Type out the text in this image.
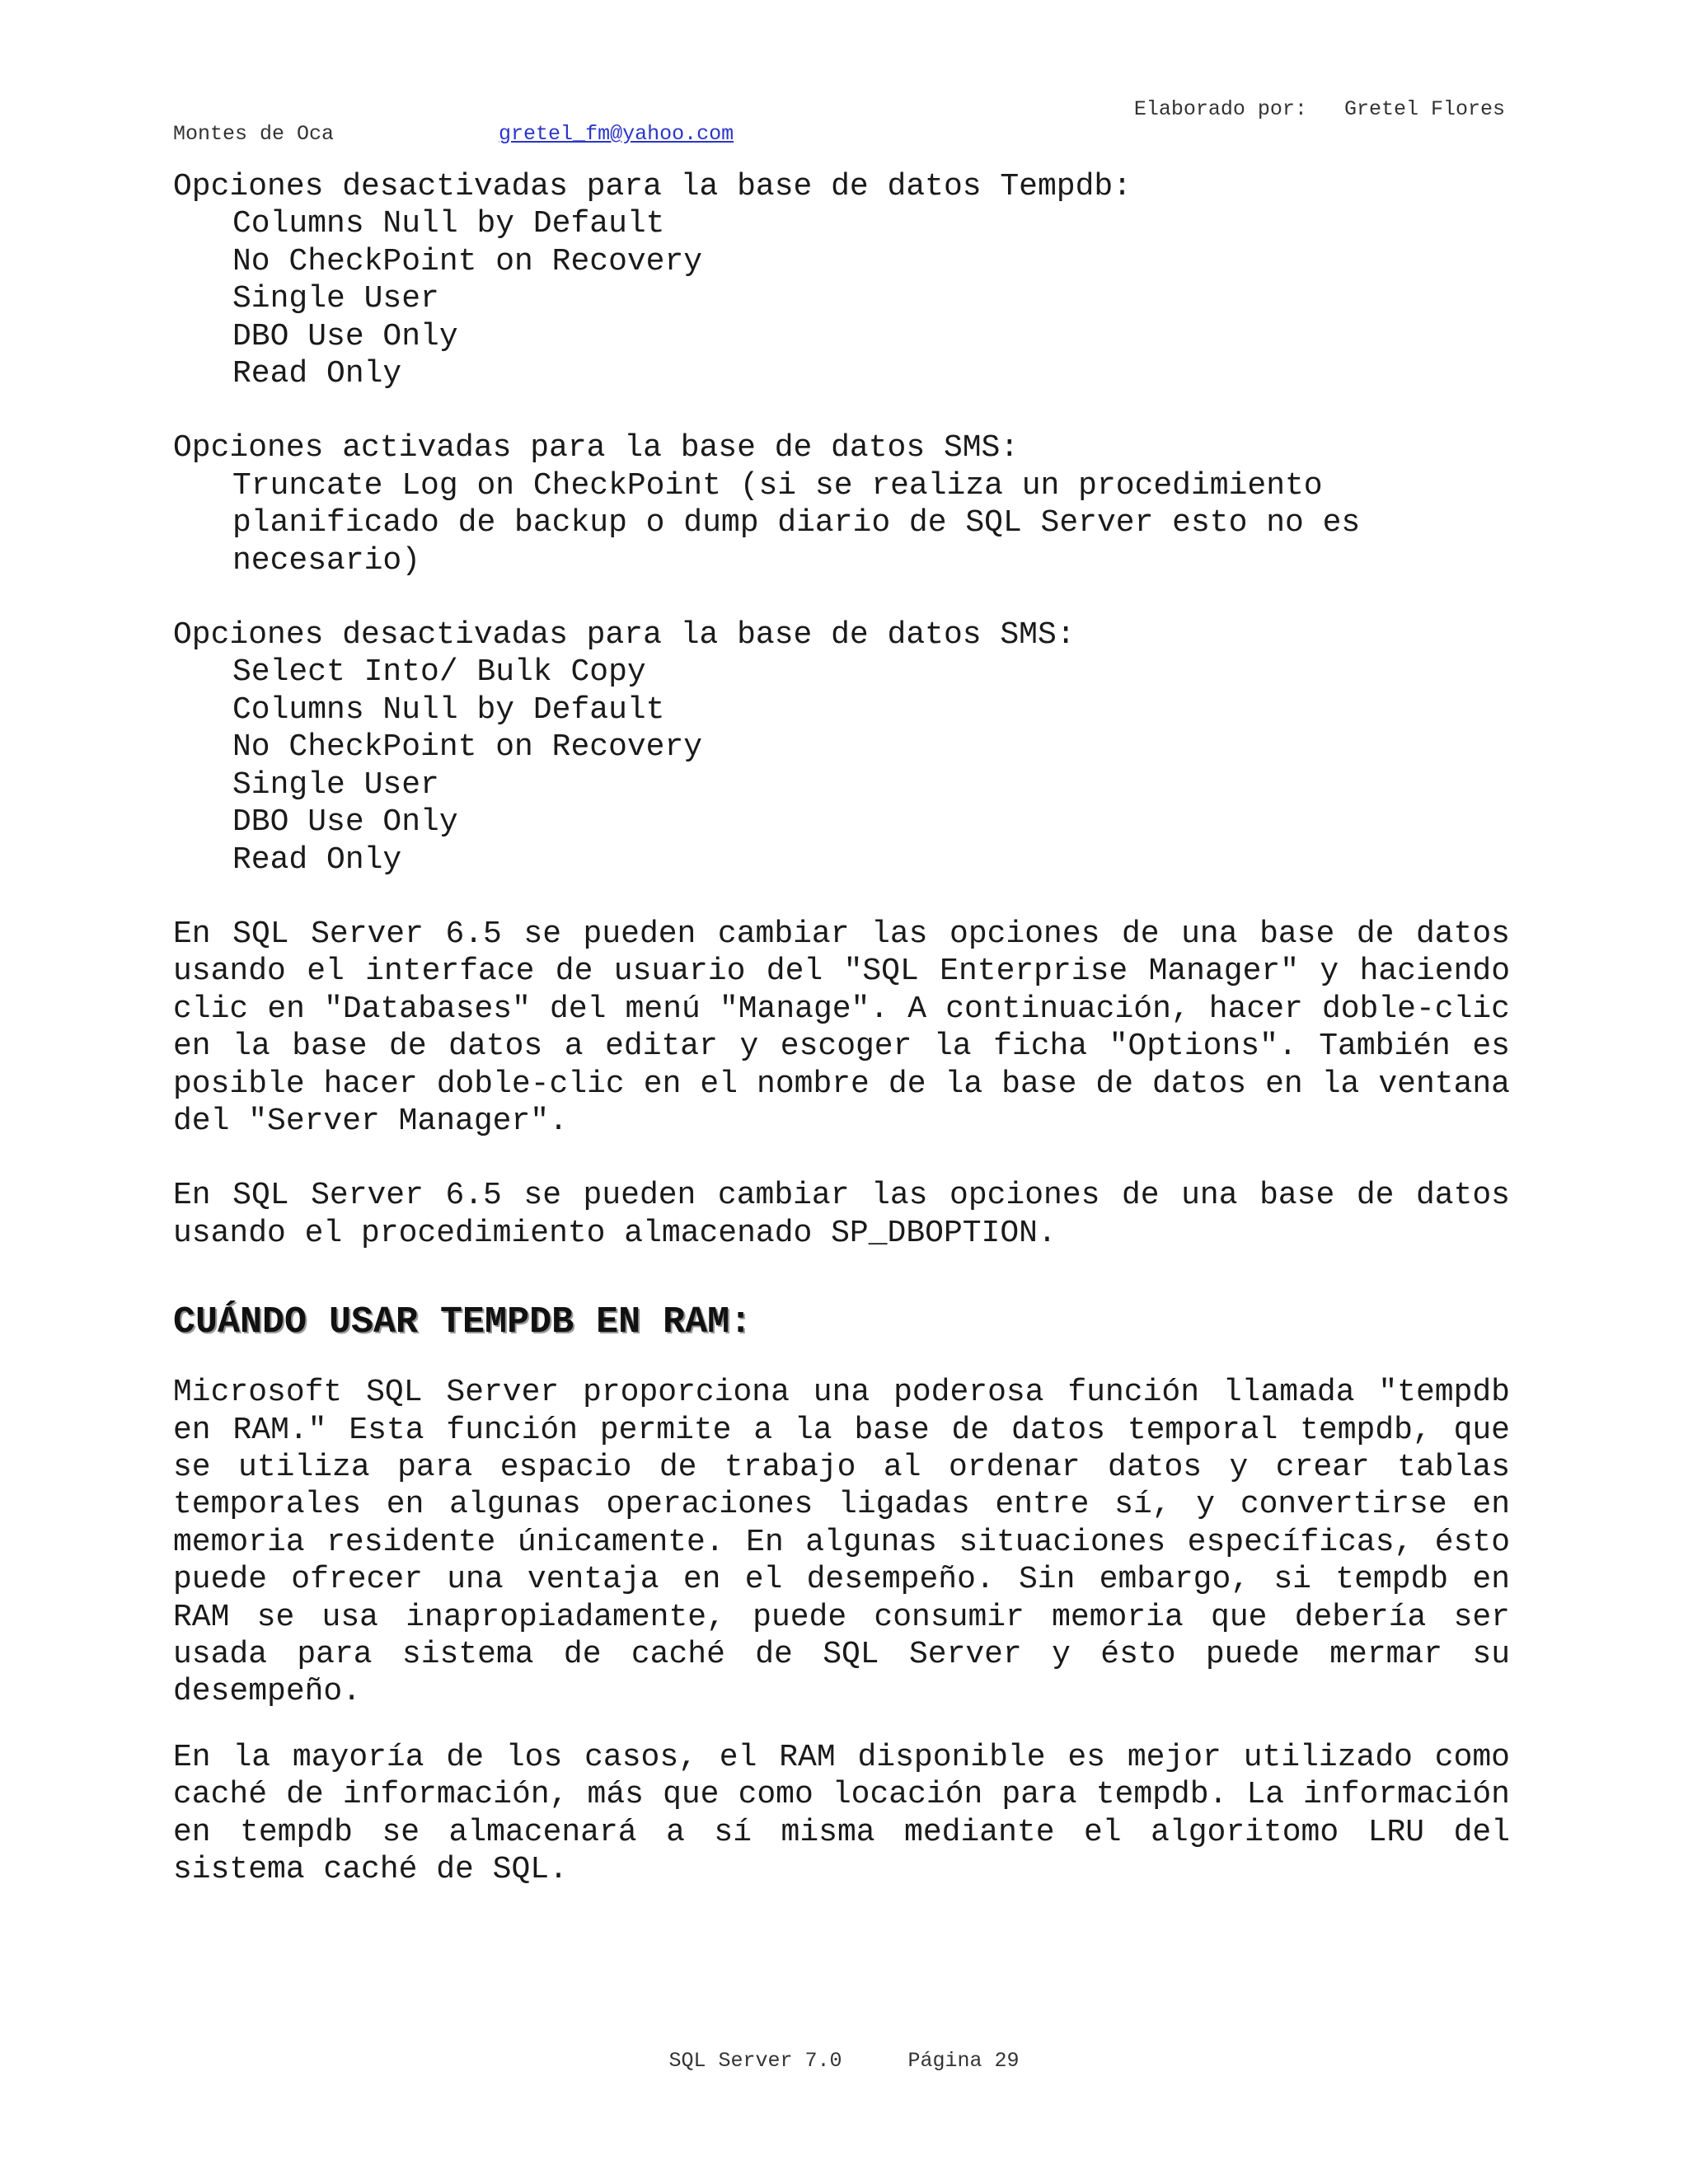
Elaborado por: Gretel Flores
Montes de Oca	gretel_fm@yahoo.com
Opciones desactivadas para la base de datos Tempdb:
Columns Null by Default
No CheckPoint on Recovery
Single User
DBO Use Only
Read Only
Opciones activadas para la base de datos SMS:
Truncate Log on CheckPoint (si se realiza un procedimiento planificado de backup o dump diario de SQL Server esto no es necesario)
Opciones desactivadas para la base de datos SMS:
Select Into/ Bulk Copy
Columns Null by Default
No CheckPoint on Recovery
Single User
DBO Use Only
Read Only

En SQL Server 6.5 se pueden cambiar las opciones de una base de datos usando el interface de usuario del "SQL Enterprise Manager" y haciendo clic en "Databases" del menú "Manage". A continuación, hacer doble-clic en la base de datos a editar y escoger la ficha "Options". También es posible hacer doble-clic en el nombre de la base de datos en la ventana del "Server Manager".

En SQL Server 6.5 se pueden cambiar las opciones de una base de datos usando el procedimiento almacenado SP_DBOPTION.

CUÁNDO USAR TEMPDB EN RAM:

Microsoft SQL Server proporciona una poderosa función llamada "tempdb en RAM." Esta función permite a la base de datos temporal tempdb, que se utiliza para espacio de trabajo al ordenar datos y crear tablas temporales en algunas operaciones ligadas entre sí, y convertirse en memoria residente únicamente. En algunas situaciones específicas, ésto puede ofrecer una ventaja en el desempeño. Sin embargo, si tempdb en RAM se usa inapropiadamente, puede consumir memoria que debería ser usada para sistema de caché de SQL Server y ésto puede mermar su desempeño.

En la mayoría de los casos, el RAM disponible es mejor utilizado como caché de información, más que como locación para tempdb. La información en tempdb se almacenará a sí misma mediante el algoritomo LRU del sistema caché de SQL.

SQL Server 7.0	Página 29
